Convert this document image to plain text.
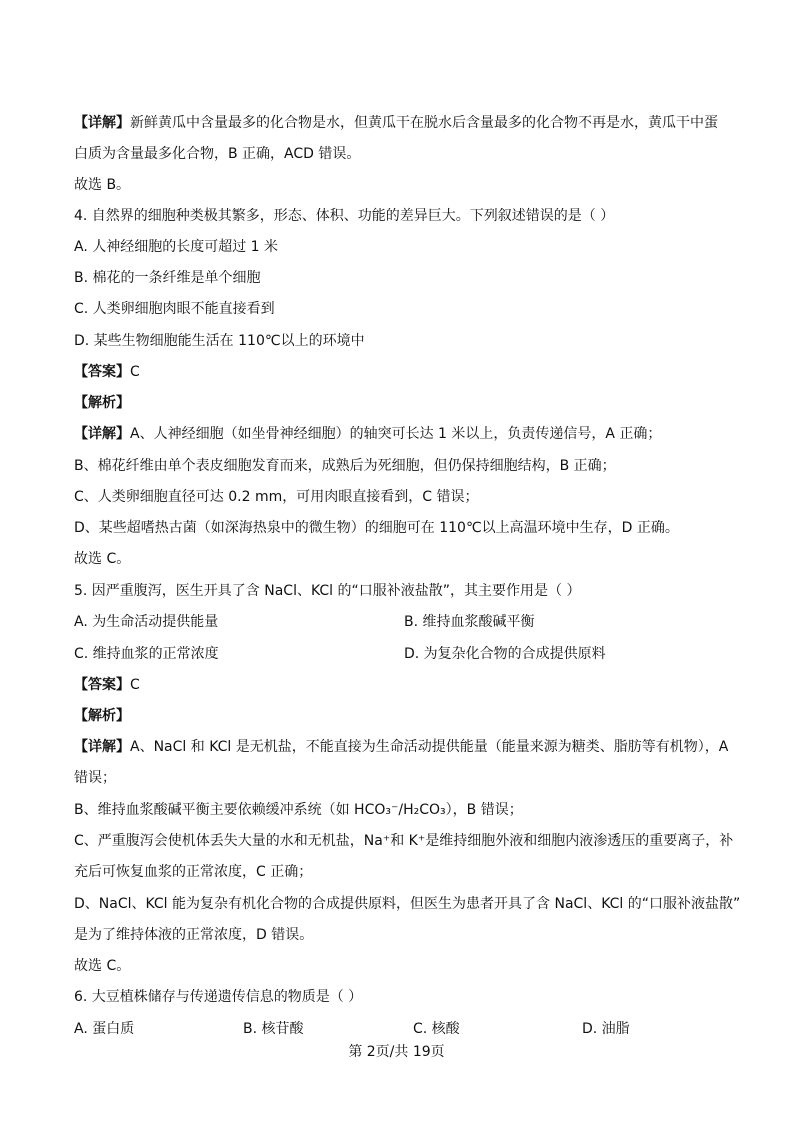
【详解】新鲜黄瓜中含量最多的化合物是水，但黄瓜干在脱水后含量最多的化合物不再是水，黄瓜干中蛋
白质为含量最多化合物，B 正确，ACD 错误。
故选 B。
4. 自然界的细胞种类极其繁多，形态、体积、功能的差异巨大。下列叙述错误的是（ ）
A. 人神经细胞的长度可超过 1 米
B. 棉花的一条纤维是单个细胞
C. 人类卵细胞肉眼不能直接看到
D. 某些生物细胞能生活在 110℃以上的环境中
【答案】C
【解析】
【详解】A、人神经细胞（如坐骨神经细胞）的轴突可长达 1 米以上，负责传递信号，A 正确；
B、棉花纤维由单个表皮细胞发育而来，成熟后为死细胞，但仍保持细胞结构，B 正确；
C、人类卵细胞直径可达 0.2 mm，可用肉眼直接看到，C 错误；
D、某些超嗜热古菌（如深海热泉中的微生物）的细胞可在 110℃以上高温环境中生存，D 正确。
故选 C。
5. 因严重腹泻，医生开具了含 NaCl、KCl 的“口服补液盐散”，其主要作用是（ ）
A. 为生命活动提供能量	B. 维持血浆酸碱平衡
C. 维持血浆的正常浓度	D. 为复杂化合物的合成提供原料
【答案】C
【解析】
【详解】A、NaCl 和 KCl 是无机盐，不能直接为生命活动提供能量（能量来源为糖类、脂肪等有机物），A
错误；
B、维持血浆酸碱平衡主要依赖缓冲系统（如 HCO₃⁻/H₂CO₃），B 错误；
C、严重腹泻会使机体丢失大量的水和无机盐，Na⁺和 K⁺是维持细胞外液和细胞内液渗透压的重要离子，补
充后可恢复血浆的正常浓度，C 正确；
D、NaCl、KCl 能为复杂有机化合物的合成提供原料，但医生为患者开具了含 NaCl、KCl 的“口服补液盐散”
是为了维持体液的正常浓度，D 错误。
故选 C。
6. 大豆植株储存与传递遗传信息的物质是（ ）
A. 蛋白质	B. 核苷酸	C. 核酸	D. 油脂
第 2页/共 19页
